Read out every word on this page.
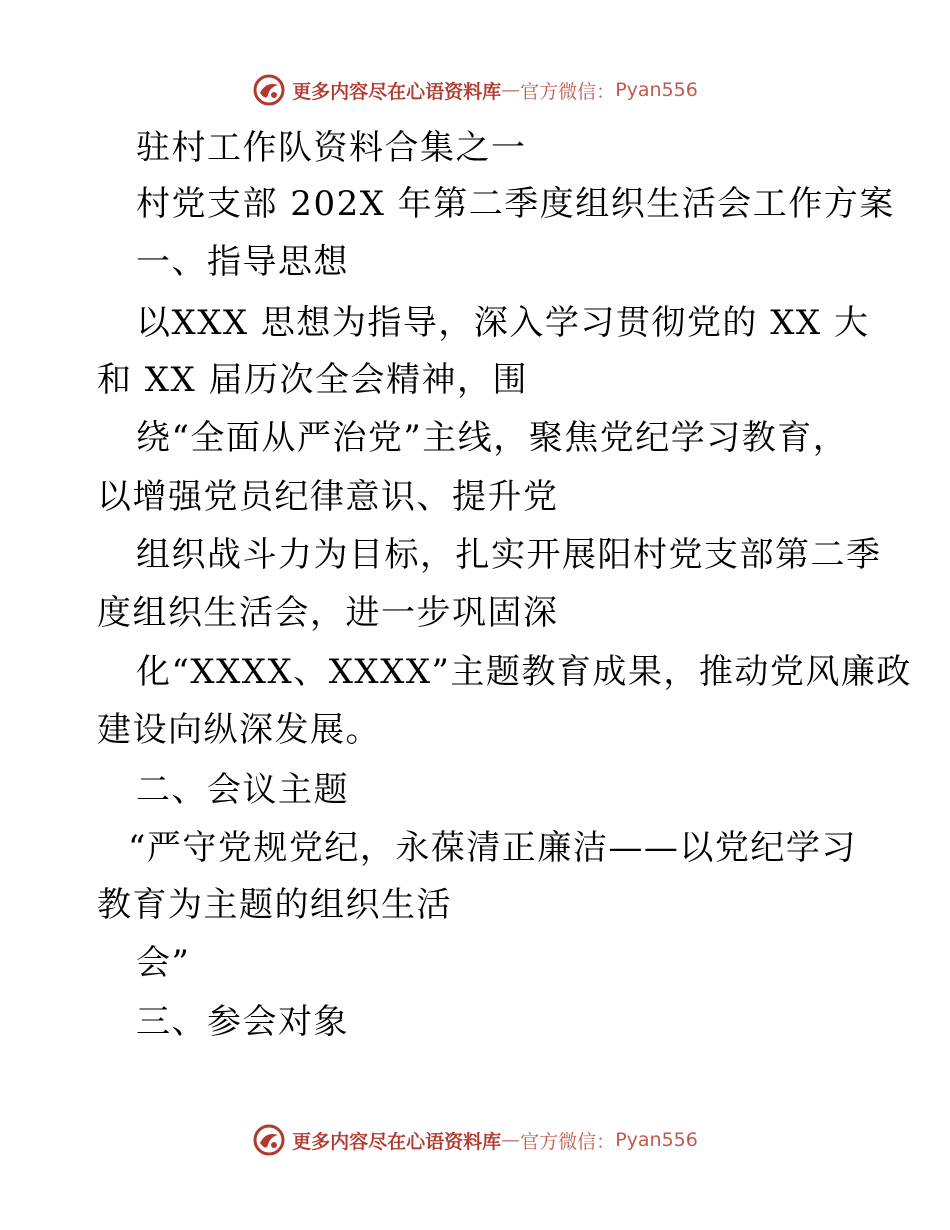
更多内容尽在心语资料库 — 官方微信： Pyan556
驻村工作队资料合集之一
村党支部 202X 年第二季度组织生活会工作方案
一、指导思想
以XXX 思想为指导，深入学习贯彻党的 XX 大
和 XX 届历次全会精神，围
绕“全面从严治党”主线，聚焦党纪学习教育，
以增强党员纪律意识、提升党
组织战斗力为目标，扎实开展阳村党支部第二季
度组织生活会，进一步巩固深
化“XXXX、XXXX”主题教育成果，推动党风廉政
建设向纵深发展。
二、会议主题
“严守党规党纪，永葆清正廉洁——以党纪学习
教育为主题的组织生活
会”
三、参会对象
更多内容尽在心语资料库 — 官方微信： Pyan556
